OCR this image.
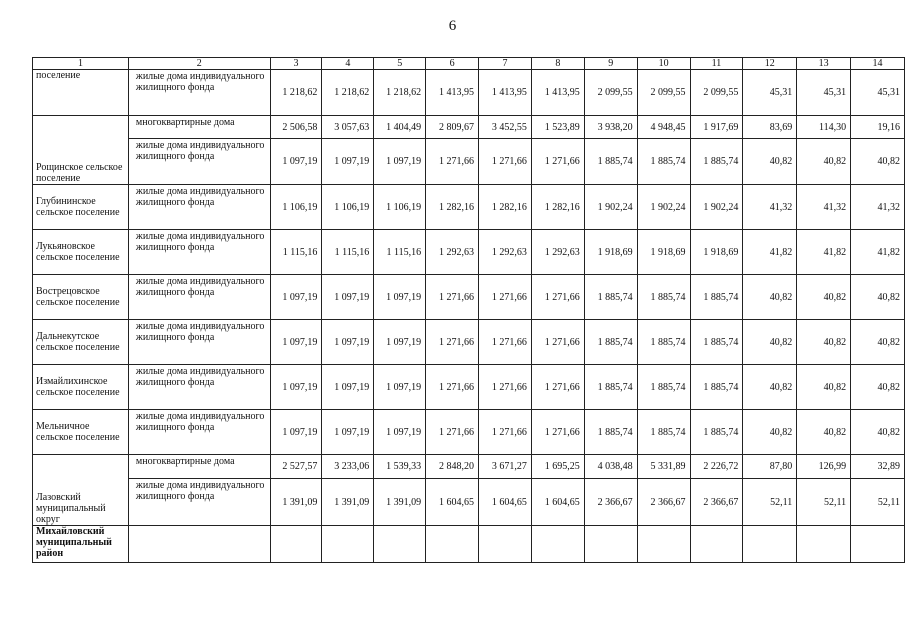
6
1	2	3	4	5	6	7	8	9	10	11	12	13	14
поселение	жилые дома индивидуального жилищного фонда	1 218,62	1 218,62	1 218,62	1 413,95	1 413,95	1 413,95	2 099,55	2 099,55	2 099,55	45,31	45,31	45,31
Рощинское сельское поселение	многоквартирные дома	2 506,58	3 057,63	1 404,49	2 809,67	3 452,55	1 523,89	3 938,20	4 948,45	1 917,69	83,69	114,30	19,16
	жилые дома индивидуального жилищного фонда	1 097,19	1 097,19	1 097,19	1 271,66	1 271,66	1 271,66	1 885,74	1 885,74	1 885,74	40,82	40,82	40,82
Глубининское сельское поселение	жилые дома индивидуального жилищного фонда	1 106,19	1 106,19	1 106,19	1 282,16	1 282,16	1 282,16	1 902,24	1 902,24	1 902,24	41,32	41,32	41,32
Лукьяновское сельское поселение	жилые дома индивидуального жилищного фонда	1 115,16	1 115,16	1 115,16	1 292,63	1 292,63	1 292,63	1 918,69	1 918,69	1 918,69	41,82	41,82	41,82
Вострецовское сельское поселение	жилые дома индивидуального жилищного фонда	1 097,19	1 097,19	1 097,19	1 271,66	1 271,66	1 271,66	1 885,74	1 885,74	1 885,74	40,82	40,82	40,82
Дальнекутское сельское поселение	жилые дома индивидуального жилищного фонда	1 097,19	1 097,19	1 097,19	1 271,66	1 271,66	1 271,66	1 885,74	1 885,74	1 885,74	40,82	40,82	40,82
Измайлихинское сельское поселение	жилые дома индивидуального жилищного фонда	1 097,19	1 097,19	1 097,19	1 271,66	1 271,66	1 271,66	1 885,74	1 885,74	1 885,74	40,82	40,82	40,82
Мельничное сельское поселение	жилые дома индивидуального жилищного фонда	1 097,19	1 097,19	1 097,19	1 271,66	1 271,66	1 271,66	1 885,74	1 885,74	1 885,74	40,82	40,82	40,82
Лазовский муниципальный округ	многоквартирные дома	2 527,57	3 233,06	1 539,33	2 848,20	3 671,27	1 695,25	4 038,48	5 331,89	2 226,72	87,80	126,99	32,89
	жилые дома индивидуального жилищного фонда	1 391,09	1 391,09	1 391,09	1 604,65	1 604,65	1 604,65	2 366,67	2 366,67	2 366,67	52,11	52,11	52,11
Михайловский муниципальный район													
